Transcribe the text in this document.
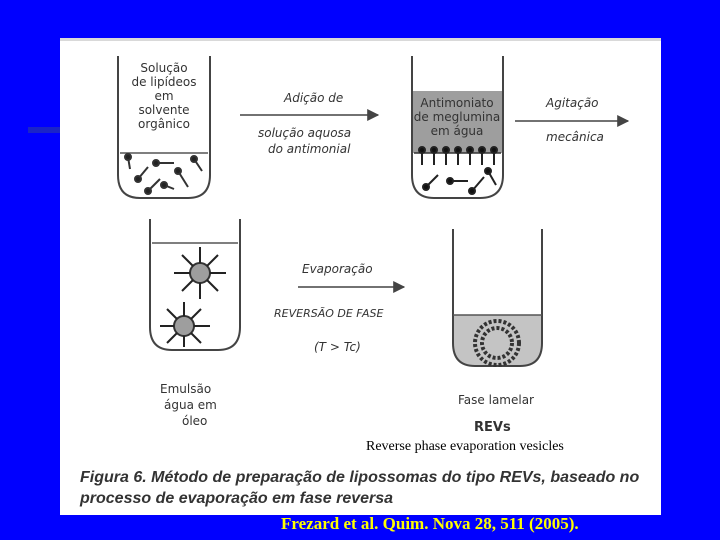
Solução
de lipídeos
em
solvente
orgânico
Adição de
solução aquosa
do antimonial
Antimoniato
de meglumina
em água
Agitação
mecânica
Emulsão
água em
óleo
Evaporação
REVERSÃO DE FASE
(T > Tc)
Fase lamelar
REVs
Reverse phase evaporation vesicles
Figura 6. Método de preparação de lipossomas do tipo REVs, baseado no processo de evaporação em fase reversa
Frezard et al. Quim. Nova 28, 511 (2005).
